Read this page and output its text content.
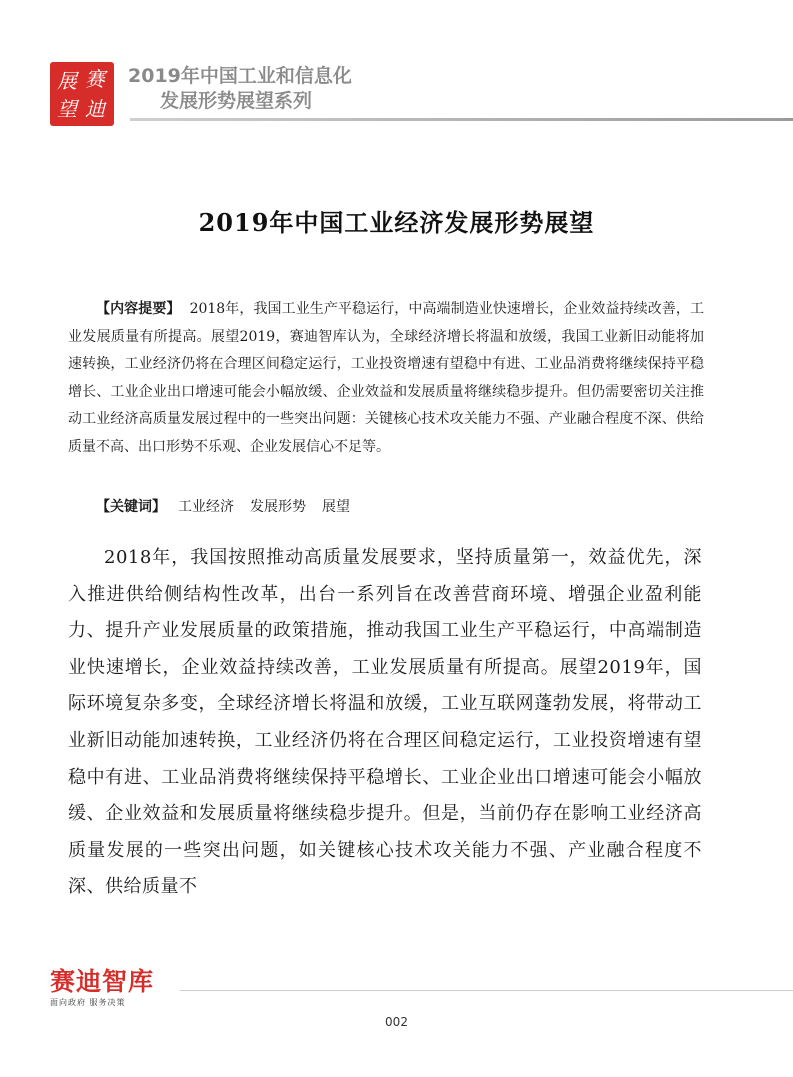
展 赛
望 迪
2019年中国工业和信息化
发展形势展望系列
2019年中国工业经济发展形势展望

【内容提要】 2018年，我国工业生产平稳运行，中高端制造业快速增长，企业效益持续改善，工业发展质量有所提高。展望2019，赛迪智库认为，全球经济增长将温和放缓，我国工业新旧动能将加速转换，工业经济仍将在合理区间稳定运行，工业投资增速有望稳中有进、工业品消费将继续保持平稳增长、工业企业出口增速可能会小幅放缓、企业效益和发展质量将继续稳步提升。但仍需要密切关注推动工业经济高质量发展过程中的一些突出问题：关键核心技术攻关能力不强、产业融合程度不深、供给质量不高、出口形势不乐观、企业发展信心不足等。

【关键词】 工业经济 发展形势 展望

2018年，我国按照推动高质量发展要求，坚持质量第一，效益优先，深入推进供给侧结构性改革，出台一系列旨在改善营商环境、增强企业盈利能力、提升产业发展质量的政策措施，推动我国工业生产平稳运行，中高端制造业快速增长，企业效益持续改善，工业发展质量有所提高。展望2019年，国际环境复杂多变，全球经济增长将温和放缓，工业互联网蓬勃发展，将带动工业新旧动能加速转换，工业经济仍将在合理区间稳定运行，工业投资增速有望稳中有进、工业品消费将继续保持平稳增长、工业企业出口增速可能会小幅放缓、企业效益和发展质量将继续稳步提升。但是，当前仍存在影响工业经济高质量发展的一些突出问题，如关键核心技术攻关能力不强、产业融合程度不深、供给质量不

赛迪智库
面向政府 服务决策
002
